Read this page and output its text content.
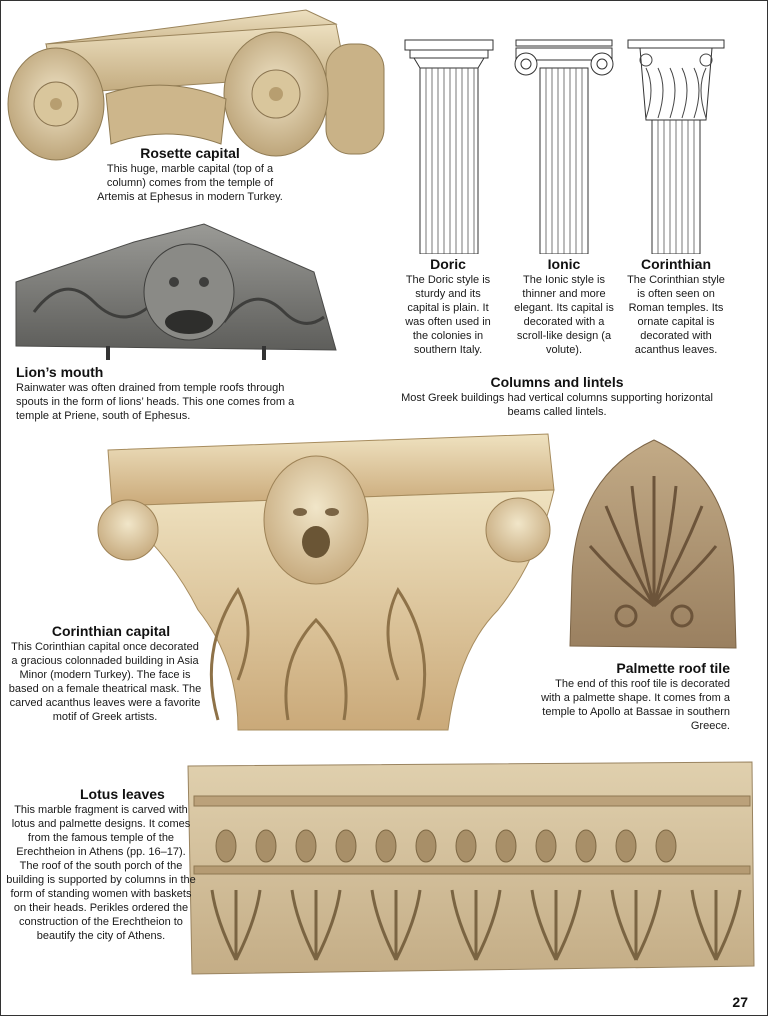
Rosette capital
This huge, marble capital (top of a column) comes from the temple of Artemis at Ephesus in modern Turkey.
Lion’s mouth
Rainwater was often drained from temple roofs through spouts in the form of lions’ heads. This one comes from a temple at Priene, south of Ephesus.
Doric
The Doric style is sturdy and its capital is plain. It was often used in the colonies in southern Italy.
Ionic
The Ionic style is thinner and more elegant. Its capital is decorated with a scroll-like design (a volute).
Corinthian
The Corinthian style is often seen on Roman temples. Its ornate capital is decorated with acanthus leaves.
Columns and lintels
Most Greek buildings had vertical columns supporting horizontal beams called lintels.
Corinthian capital
This Corinthian capital once decorated a gracious colonnaded building in Asia Minor (modern Turkey). The face is based on a female theatrical mask. The carved acanthus leaves were a favorite motif of Greek artists.
Palmette roof tile
The end of this roof tile is decorated with a palmette shape. It comes from a temple to Apollo at Bassae in southern Greece.
Lotus leaves
This marble fragment is carved with lotus and palmette designs. It comes from the famous temple of the Erechtheion in Athens (pp. 16–17). The roof of the south porch of the building is supported by columns in the form of standing women with baskets on their heads. Perikles ordered the construction of the Erechtheion to beautify the city of Athens.
27
